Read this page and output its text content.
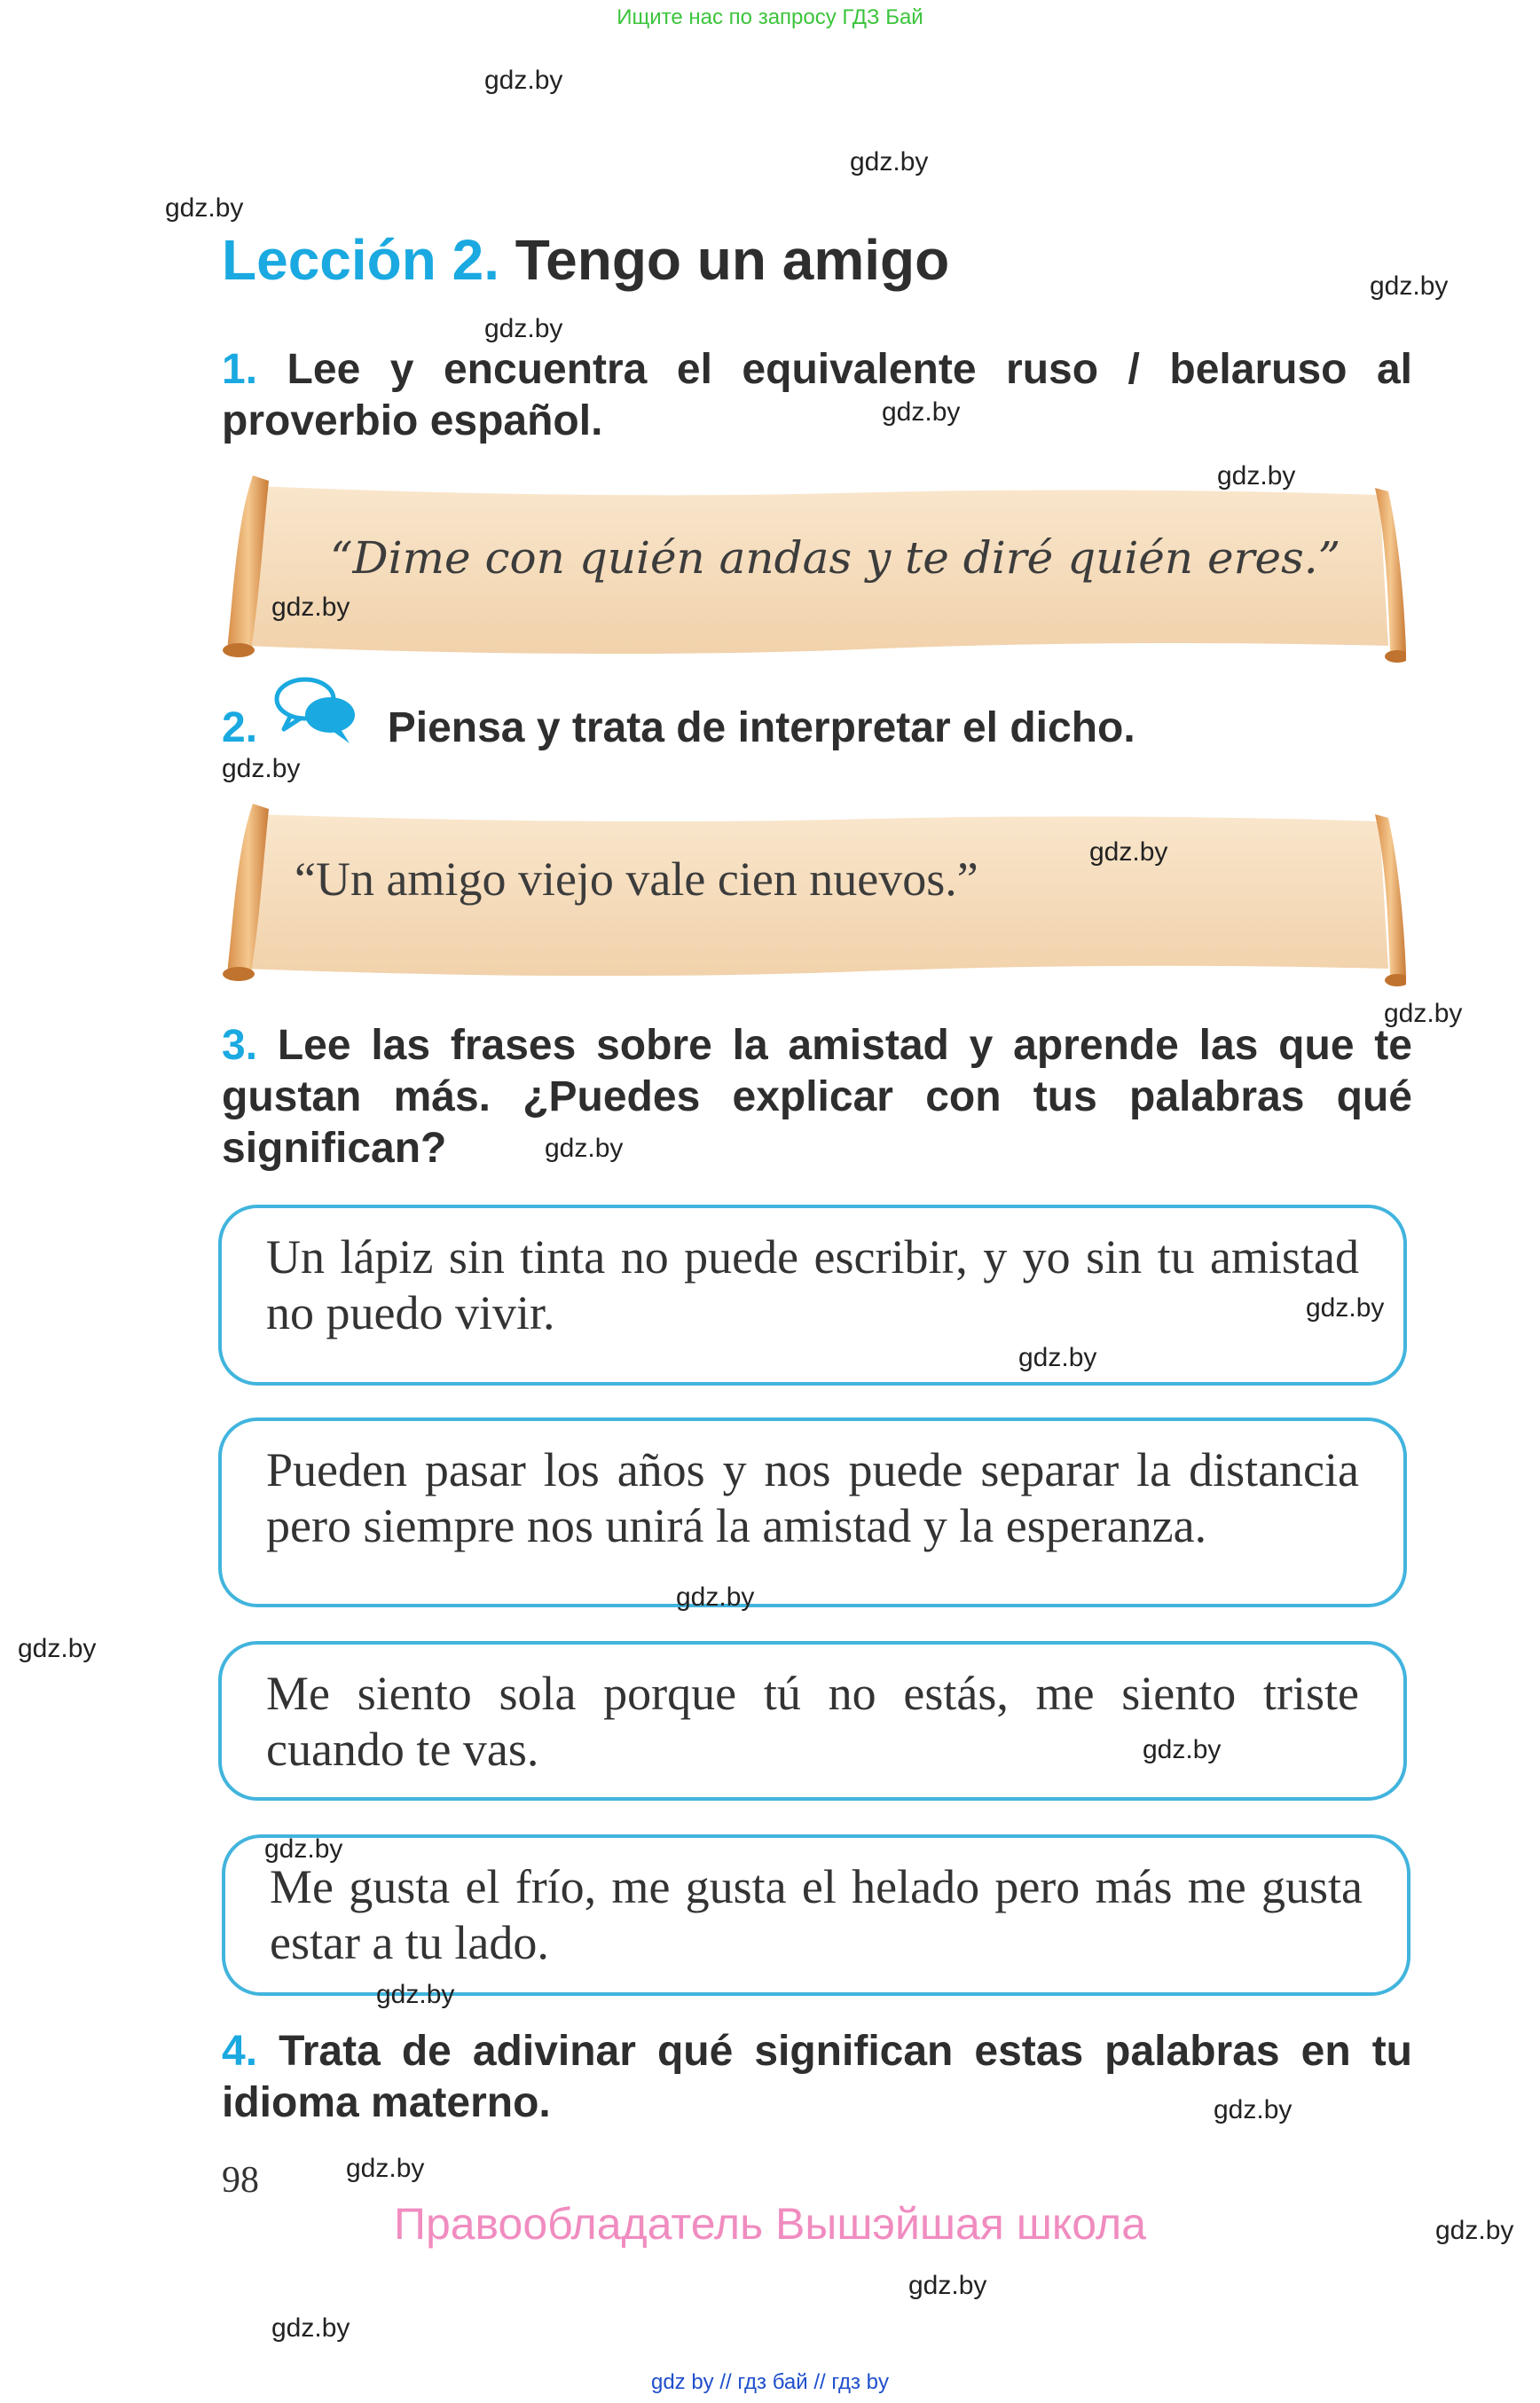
Ищите нас по запросу ГДЗ Бай
Lección 2. Tengo un amigo
1. Lee y encuentra el equivalente ruso / belaruso al proverbio español.
“Dime con quién andas y te diré quién eres.”
2.	Piensa y trata de interpretar el dicho.
“Un amigo viejo vale cien nuevos.”
3. Lee las frases sobre la amistad y aprende las que te gustan más. ¿Puedes explicar con tus palabras qué significan?
Un lápiz sin tinta no puede escribir, y yo sin tu amistad no puedo vivir.
Pueden pasar los años y nos puede separar la distancia pero siempre nos unirá la amistad y la esperanza.
Me siento sola porque tú no estás, me siento triste cuando te vas.
Me gusta el frío, me gusta el helado pero más me gusta estar a tu lado.
4. Trata de adivinar qué significan estas palabras en tu idioma materno.
98
Правообладатель Вышэйшая школа
gdz by // гдз бай // гдз by
gdz.by
gdz.by
gdz.by
gdz.by
gdz.by
gdz.by
gdz.by
gdz.by
gdz.by
gdz.by
gdz.by
gdz.by
gdz.by
gdz.by
gdz.by
gdz.by
gdz.by
gdz.by
gdz.by
gdz.by
gdz.by
gdz.by
gdz.by
gdz.by
